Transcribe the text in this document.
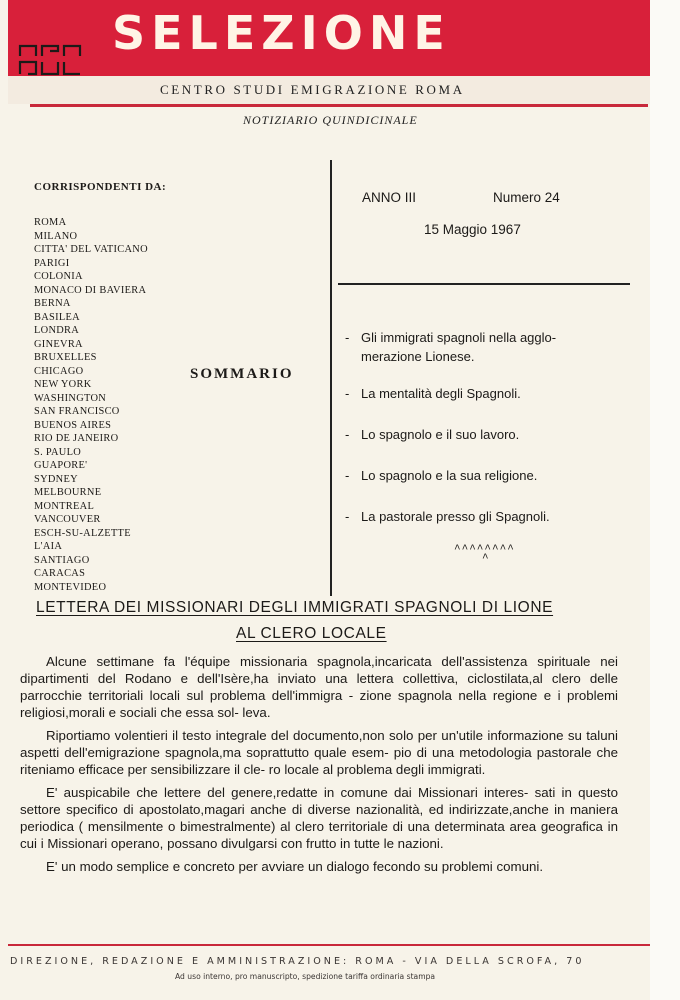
SELEZIONE
CENTRO STUDI EMIGRAZIONE ROMA
NOTIZIARIO QUINDICINALE
CORRISPONDENTI DA:
ROMA
MILANO
CITTA' DEL VATICANO
PARIGI
COLONIA
MONACO DI BAVIERA
BERNA
BASILEA
LONDRA
GINEVRA
BRUXELLES
CHICAGO
NEW YORK
WASHINGTON
SAN FRANCISCO
BUENOS AIRES
RIO DE JANEIRO
S. PAULO
GUAPORE'
SYDNEY
MELBOURNE
MONTREAL
VANCOUVER
ESCH-SU-ALZETTE
L'AIA
SANTIAGO
CARACAS
MONTEVIDEO
SOMMARIO
ANNO III	Numero 24
15 Maggio 1967
- Gli immigrati spagnoli nella agglo-
merazione Lionese.
- La mentalità degli Spagnoli.
- Lo spagnolo e il suo lavoro.
- Lo spagnolo e la sua religione.
- La pastorale presso gli Spagnoli.
^^^^^^^^
^
LETTERA DEI MISSIONARI DEGLI IMMIGRATI SPAGNOLI DI LIONE
AL CLERO LOCALE

Alcune settimane fa l'équipe missionaria spagnola,incaricata dell'assistenza spirituale nei dipartimenti del Rodano e dell'Isère,ha inviato una lettera collettiva, ciclostilata,al clero delle parrocchie territoriali locali sul problema dell'immigra - zione spagnola nella regione e i problemi religiosi,morali e sociali che essa sol- leva.

Riportiamo volentieri il testo integrale del documento,non solo per un'utile informazione su taluni aspetti dell'emigrazione spagnola,ma soprattutto quale esem- pio di una metodologia pastorale che riteniamo efficace per sensibilizzare il cle- ro locale al problema degli immigrati.

E' auspicabile che lettere del genere,redatte in comune dai Missionari interes- sati in questo settore specifico di apostolato,magari anche di diverse nazionalità, ed indirizzate,anche in maniera periodica ( mensilmente o bimestralmente) al clero territoriale di una determinata area geografica in cui i Missionari operano, possano divulgarsi con frutto in tutte le nazioni.

E' un modo semplice e concreto per avviare un dialogo fecondo su problemi comuni.

DIREZIONE, REDAZIONE E AMMINISTRAZIONE: ROMA - VIA DELLA SCROFA, 70
Ad uso interno, pro manuscripto, spedizione tariffa ordinaria stampa
